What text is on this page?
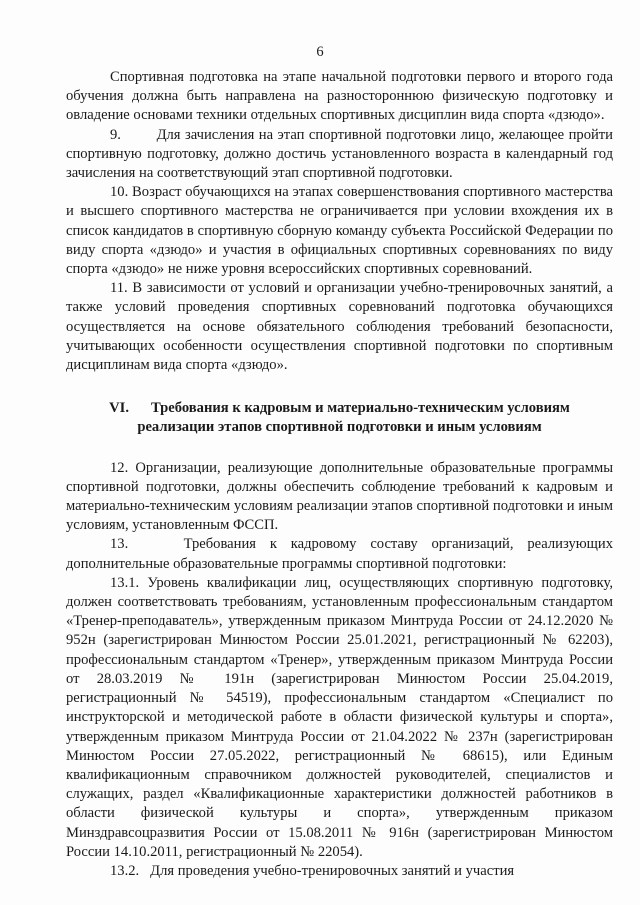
6

Спортивная подготовка на этапе начальной подготовки первого и второго года обучения должна быть направлена на разностороннюю физическую подготовку и овладение основами техники отдельных спортивных дисциплин вида спорта «дзюдо».

9.        Для зачисления на этап спортивной подготовки лицо, желающее пройти спортивную подготовку, должно достичь установленного возраста в календарный год зачисления на соответствующий этап спортивной подготовки.

10. Возраст обучающихся на этапах совершенствования спортивного мастерства и высшего спортивного мастерства не ограничивается при условии вхождения их в список кандидатов в спортивную сборную команду субъекта Российской Федерации по виду спорта «дзюдо» и участия в официальных спортивных соревнованиях по виду спорта «дзюдо» не ниже уровня всероссийских спортивных соревнований.

11. В зависимости от условий и организации учебно-тренировочных занятий, а также условий проведения спортивных соревнований подготовка обучающихся осуществляется на основе обязательного соблюдения требований безопасности, учитывающих особенности осуществления спортивной подготовки по спортивным дисциплинам вида спорта «дзюдо».

VI. Требования к кадровым и материально-техническим условиям
реализации этапов спортивной подготовки и иным условиям

12. Организации, реализующие дополнительные образовательные программы спортивной подготовки, должны обеспечить соблюдение требований к кадровым и материально-техническим условиям реализации этапов спортивной подготовки и иным условиям, установленным ФССП.

13.    Требования к кадровому составу организаций, реализующих дополнительные образовательные программы спортивной подготовки:

13.1. Уровень квалификации лиц, осуществляющих спортивную подготовку, должен соответствовать требованиям, установленным профессиональным стандартом «Тренер-преподаватель», утвержденным приказом Минтруда России от 24.12.2020 № 952н (зарегистрирован Минюстом России 25.01.2021, регистрационный № 62203), профессиональным стандартом «Тренер», утвержденным приказом Минтруда России от 28.03.2019 № 191н (зарегистрирован Минюстом России 25.04.2019, регистрационный № 54519), профессиональным стандартом «Специалист по инструкторской и методической работе в области физической культуры и спорта», утвержденным приказом Минтруда России от 21.04.2022 № 237н (зарегистрирован Минюстом России 27.05.2022, регистрационный № 68615), или Единым квалификационным справочником должностей руководителей, специалистов и служащих, раздел «Квалификационные характеристики должностей работников в области физической культуры и спорта», утвержденным приказом Минздравсоцразвития России от 15.08.2011 № 916н (зарегистрирован Минюстом России 14.10.2011, регистрационный № 22054).

13.2.   Для проведения учебно-тренировочных занятий и участия
